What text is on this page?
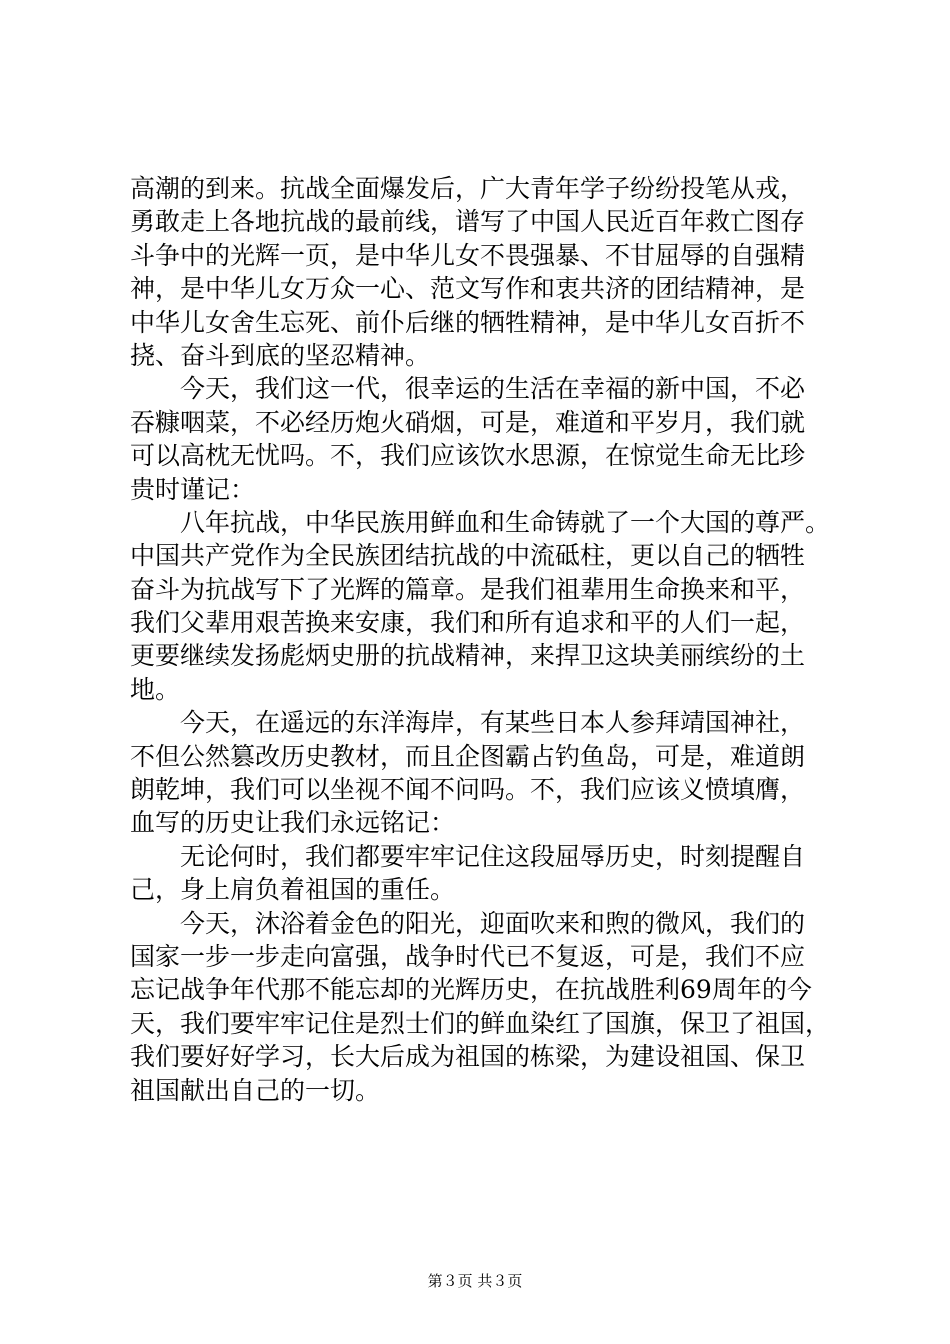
高潮的到来。抗战全面爆发后，广大青年学子纷纷投笔从戎，
勇敢走上各地抗战的最前线，谱写了中国人民近百年救亡图存
斗争中的光辉一页，是中华儿女不畏强暴、不甘屈辱的自强精
神，是中华儿女万众一心、范文写作和衷共济的团结精神，是
中华儿女舍生忘死、前仆后继的牺牲精神，是中华儿女百折不
挠、奋斗到底的坚忍精神。
　　今天，我们这一代，很幸运的生活在幸福的新中国，不必
吞糠咽菜，不必经历炮火硝烟，可是，难道和平岁月，我们就
可以高枕无忧吗。不，我们应该饮水思源，在惊觉生命无比珍
贵时谨记：
　　八年抗战，中华民族用鲜血和生命铸就了一个大国的尊严。
中国共产党作为全民族团结抗战的中流砥柱，更以自己的牺牲
奋斗为抗战写下了光辉的篇章。是我们祖辈用生命换来和平，
我们父辈用艰苦换来安康，我们和所有追求和平的人们一起，
更要继续发扬彪炳史册的抗战精神，来捍卫这块美丽缤纷的土
地。
　　今天，在遥远的东洋海岸，有某些日本人参拜靖国神社，
不但公然篡改历史教材，而且企图霸占钓鱼岛，可是，难道朗
朗乾坤，我们可以坐视不闻不问吗。不，我们应该义愤填膺，
血写的历史让我们永远铭记：
　　无论何时，我们都要牢牢记住这段屈辱历史，时刻提醒自
己，身上肩负着祖国的重任。
　　今天，沐浴着金色的阳光，迎面吹来和煦的微风，我们的
国家一步一步走向富强，战争时代已不复返，可是，我们不应
忘记战争年代那不能忘却的光辉历史，在抗战胜利69周年的今
天，我们要牢牢记住是烈士们的鲜血染红了国旗，保卫了祖国，
我们要好好学习，长大后成为祖国的栋梁，为建设祖国、保卫
祖国献出自己的一切。
第３页 共３页
